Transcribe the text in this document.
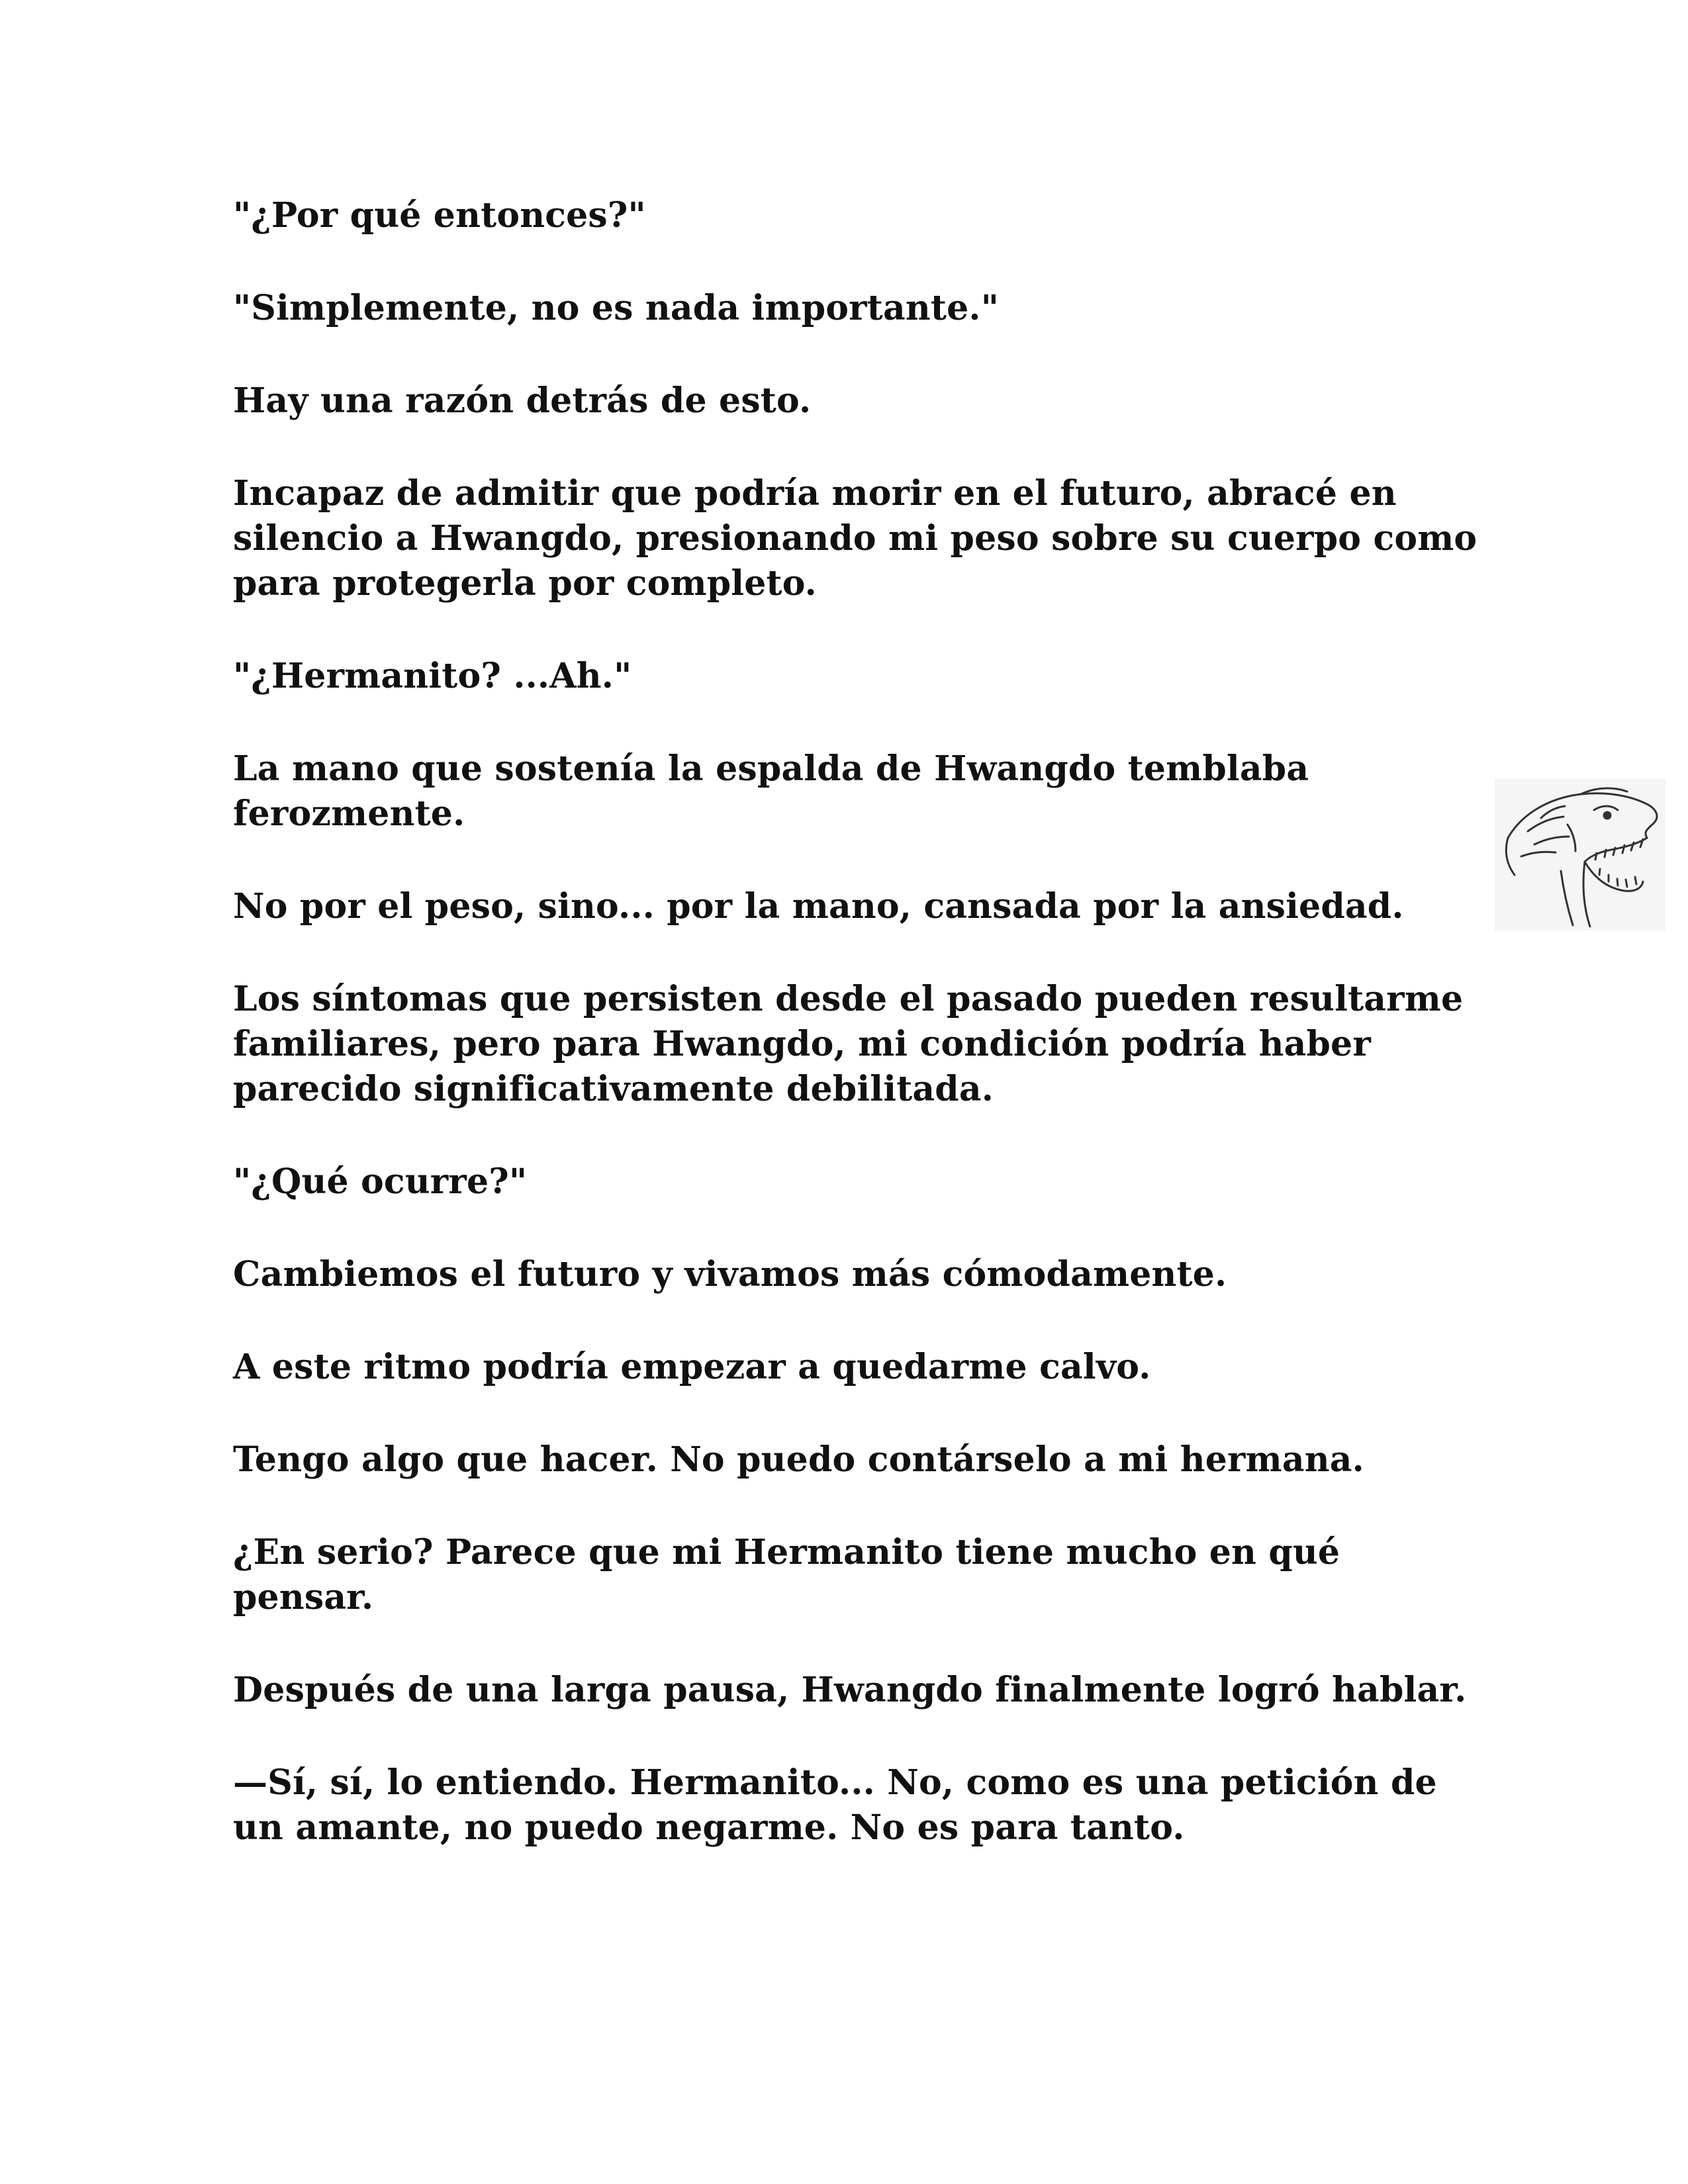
"¿Por qué entonces?"

"Simplemente, no es nada importante."

Hay una razón detrás de esto.

Incapaz de admitir que podría morir en el futuro, abracé en silencio a Hwangdo, presionando mi peso sobre su cuerpo como para protegerla por completo.

"¿Hermanito? ...Ah."

La mano que sostenía la espalda de Hwangdo temblaba ferozmente.

No por el peso, sino... por la mano, cansada por la ansiedad.

Los síntomas que persisten desde el pasado pueden resultarme familiares, pero para Hwangdo, mi condición podría haber parecido significativamente debilitada.

"¿Qué ocurre?"

Cambiemos el futuro y vivamos más cómodamente.

A este ritmo podría empezar a quedarme calvo.

Tengo algo que hacer. No puedo contárselo a mi hermana.

¿En serio? Parece que mi Hermanito tiene mucho en qué pensar.

Después de una larga pausa, Hwangdo finalmente logró hablar.

—Sí, sí, lo entiendo. Hermanito... No, como es una petición de un amante, no puedo negarme. No es para tanto.
